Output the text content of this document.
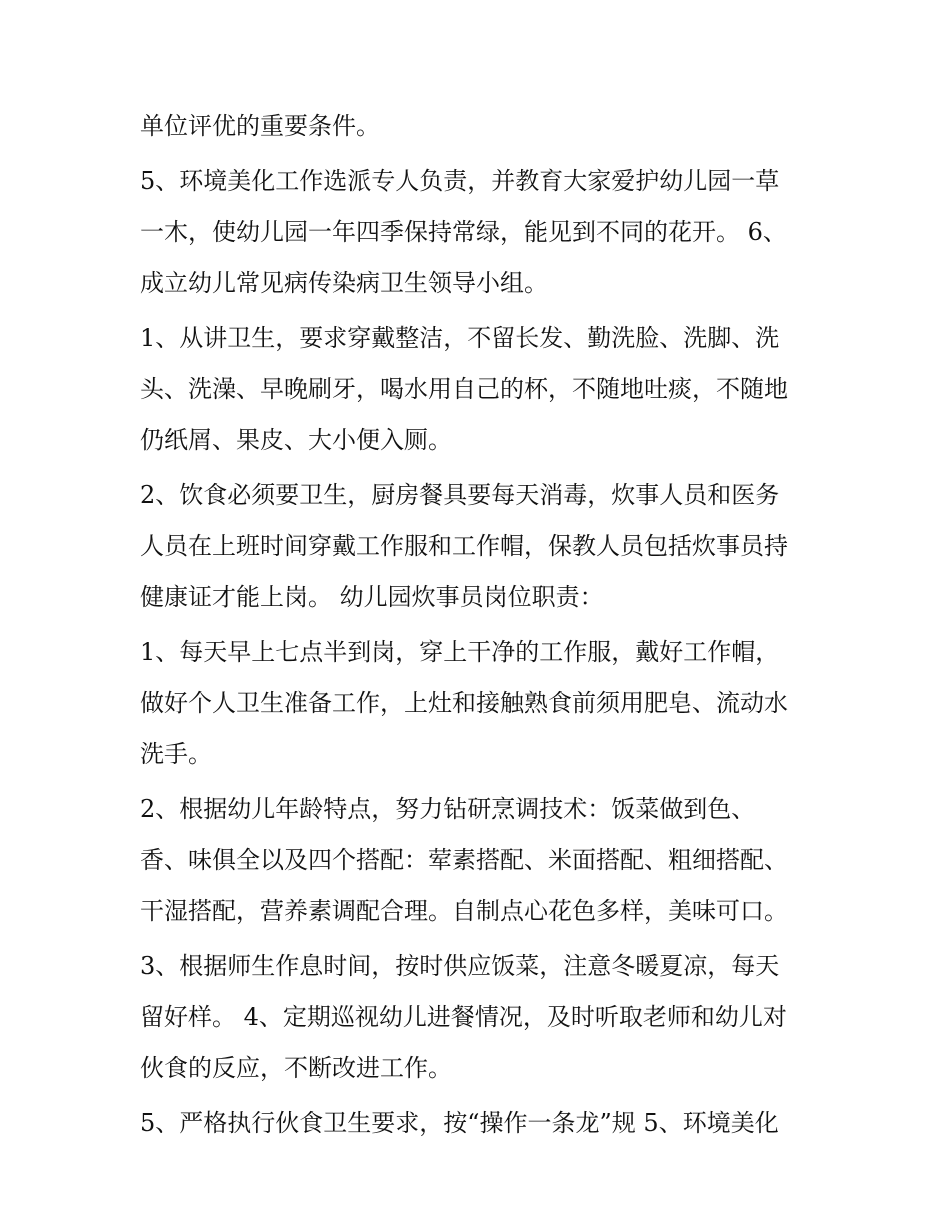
单位评优的重要条件。
5、环境美化工作选派专人负责，并教育大家爱护幼儿园一草
一木，使幼儿园一年四季保持常绿，能见到不同的花开。 6、
成立幼儿常见病传染病卫生领导小组。
1、从讲卫生，要求穿戴整洁，不留长发、勤洗脸、洗脚、洗
头、洗澡、早晚刷牙，喝水用自己的杯，不随地吐痰，不随地
仍纸屑、果皮、大小便入厕。
2、饮食必须要卫生，厨房餐具要每天消毒，炊事人员和医务
人员在上班时间穿戴工作服和工作帽，保教人员包括炊事员持
健康证才能上岗。 幼儿园炊事员岗位职责：
1、每天早上七点半到岗，穿上干净的工作服，戴好工作帽，
做好个人卫生准备工作，上灶和接触熟食前须用肥皂、流动水
洗手。
2、根据幼儿年龄特点，努力钻研烹调技术：饭菜做到色、
香、味俱全以及四个搭配：荤素搭配、米面搭配、粗细搭配、
干湿搭配，营养素调配合理。自制点心花色多样，美味可口。
3、根据师生作息时间，按时供应饭菜，注意冬暖夏凉，每天
留好样。 4、定期巡视幼儿进餐情况，及时听取老师和幼儿对
伙食的反应，不断改进工作。
5、严格执行伙食卫生要求，按“操作一条龙”规 5、环境美化
